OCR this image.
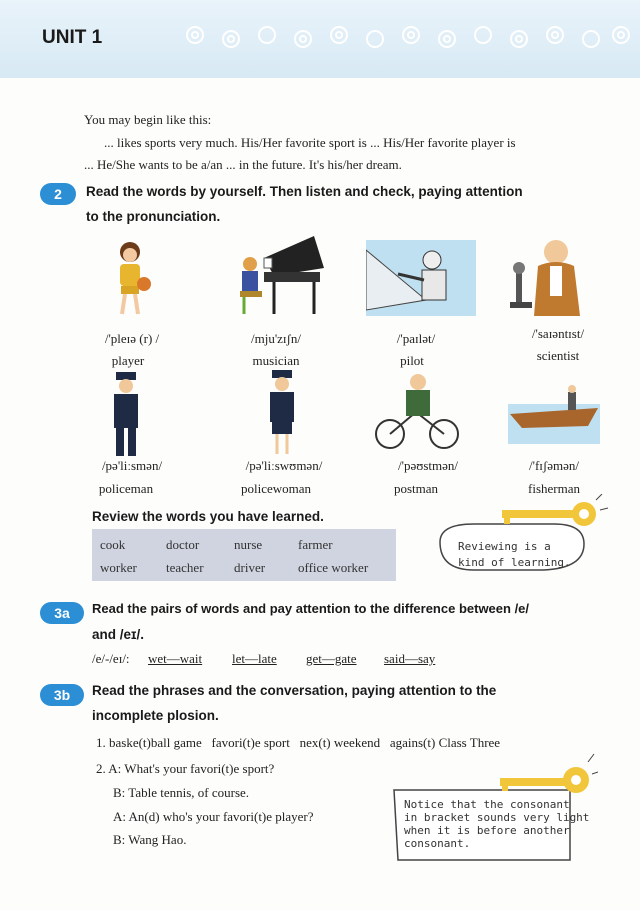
UNIT 1
You may begin like this:
... likes sports very much. His/Her favorite sport is ... His/Her favorite player is
... He/She wants to be a/an ... in the future. It's his/her dream.
2	Read the words by yourself. Then listen and check, paying attention
to the pronunciation.
/'pleɪə (r) /
player
/mju'zɪʃn/
musician
/'paɪlət/
pilot
/'saɪəntɪst/
scientist
/pə'liːsmən/
policeman
/pə'liːswʊmən/
policewoman
/'pəʊstmən/
postman
/'fɪʃəmən/
fisherman
Review the words you have learned.
cook	doctor	nurse	farmer
worker teacher driver	office worker
Reviewing is a
kind of learning.
3a	Read the pairs of words and pay attention to the difference between /e/
and /eɪ/.
/e/-/eɪ/: wet—wait let—late get—gate said—say
3b	Read the phrases and the conversation, paying attention to the
incomplete plosion.
1. baske(t)ball game   favori(t)e sport   nex(t) weekend   agains(t) Class Three
2. A: What's your favori(t)e sport?
B: Table tennis, of course.
A: An(d) who's your favori(t)e player?
B: Wang Hao.
Notice that the consonant
in bracket sounds very light
when it is before another
consonant.
